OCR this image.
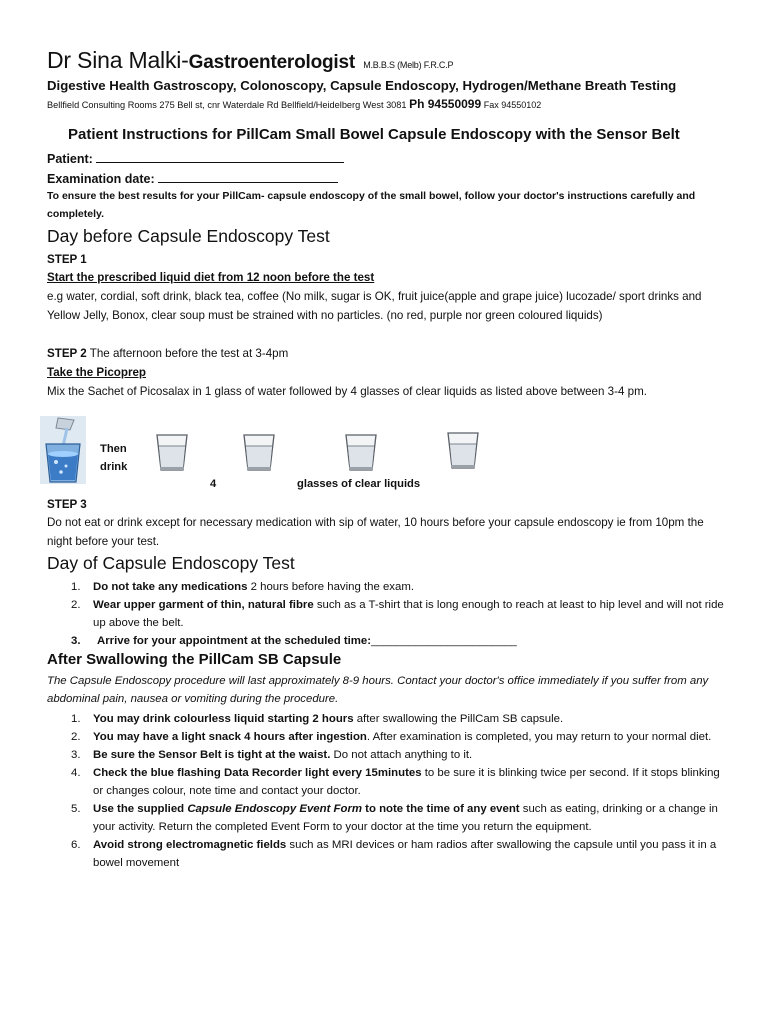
Dr Sina Malki-Gastroenterologist M.B.B.S (Melb) F.R.C.P
Digestive Health Gastroscopy, Colonoscopy, Capsule Endoscopy, Hydrogen/Methane Breath Testing
Bellfield Consulting Rooms 275 Bell st, cnr Waterdale Rd Bellfield/Heidelberg West 3081 Ph 94550099 Fax 94550102
Patient Instructions for PillCam Small Bowel Capsule Endoscopy with the Sensor Belt
Patient:
Examination date:
To ensure the best results for your PillCam- capsule endoscopy of the small bowel, follow your doctor's instructions carefully and completely.
Day before Capsule Endoscopy Test
STEP 1
Start the prescribed liquid diet from 12 noon before the test
e.g water, cordial, soft drink, black tea, coffee (No milk, sugar is OK, fruit juice(apple and grape juice) lucozade/ sport drinks and Yellow Jelly, Bonox, clear soup must be strained with no particles. (no red, purple nor green coloured liquids)
STEP 2 The afternoon before the test at 3-4pm
Take the Picoprep
Mix the Sachet of Picosalax in 1 glass of water followed by 4 glasses of clear liquids as listed above between 3-4 pm.
Then
drink
4	glasses of clear liquids
STEP 3
Do not eat or drink except for necessary medication with sip of water, 10 hours before your capsule endoscopy ie from 10pm the night before your test.
Day of Capsule Endoscopy Test
1. Do not take any medications 2 hours before having the exam.
2. Wear upper garment of thin, natural fibre such as a T-shirt that is long enough to reach at least to hip level and will not ride up above the belt.
3. Arrive for your appointment at the scheduled time:_______________________
After Swallowing the PillCam SB Capsule
The Capsule Endoscopy procedure will last approximately 8-9 hours. Contact your doctor's office immediately if you suffer from any abdominal pain, nausea or vomiting during the procedure.
1. You may drink colourless liquid starting 2 hours after swallowing the PillCam SB capsule.
2. You may have a light snack 4 hours after ingestion. After examination is completed, you may return to your normal diet.
3. Be sure the Sensor Belt is tight at the waist. Do not attach anything to it.
4. Check the blue flashing Data Recorder light every 15minutes to be sure it is blinking twice per second. If it stops blinking or changes colour, note time and contact your doctor.
5. Use the supplied Capsule Endoscopy Event Form to note the time of any event such as eating, drinking or a change in your activity. Return the completed Event Form to your doctor at the time you return the equipment.
6. Avoid strong electromagnetic fields such as MRI devices or ham radios after swallowing the capsule until you pass it in a bowel movement
